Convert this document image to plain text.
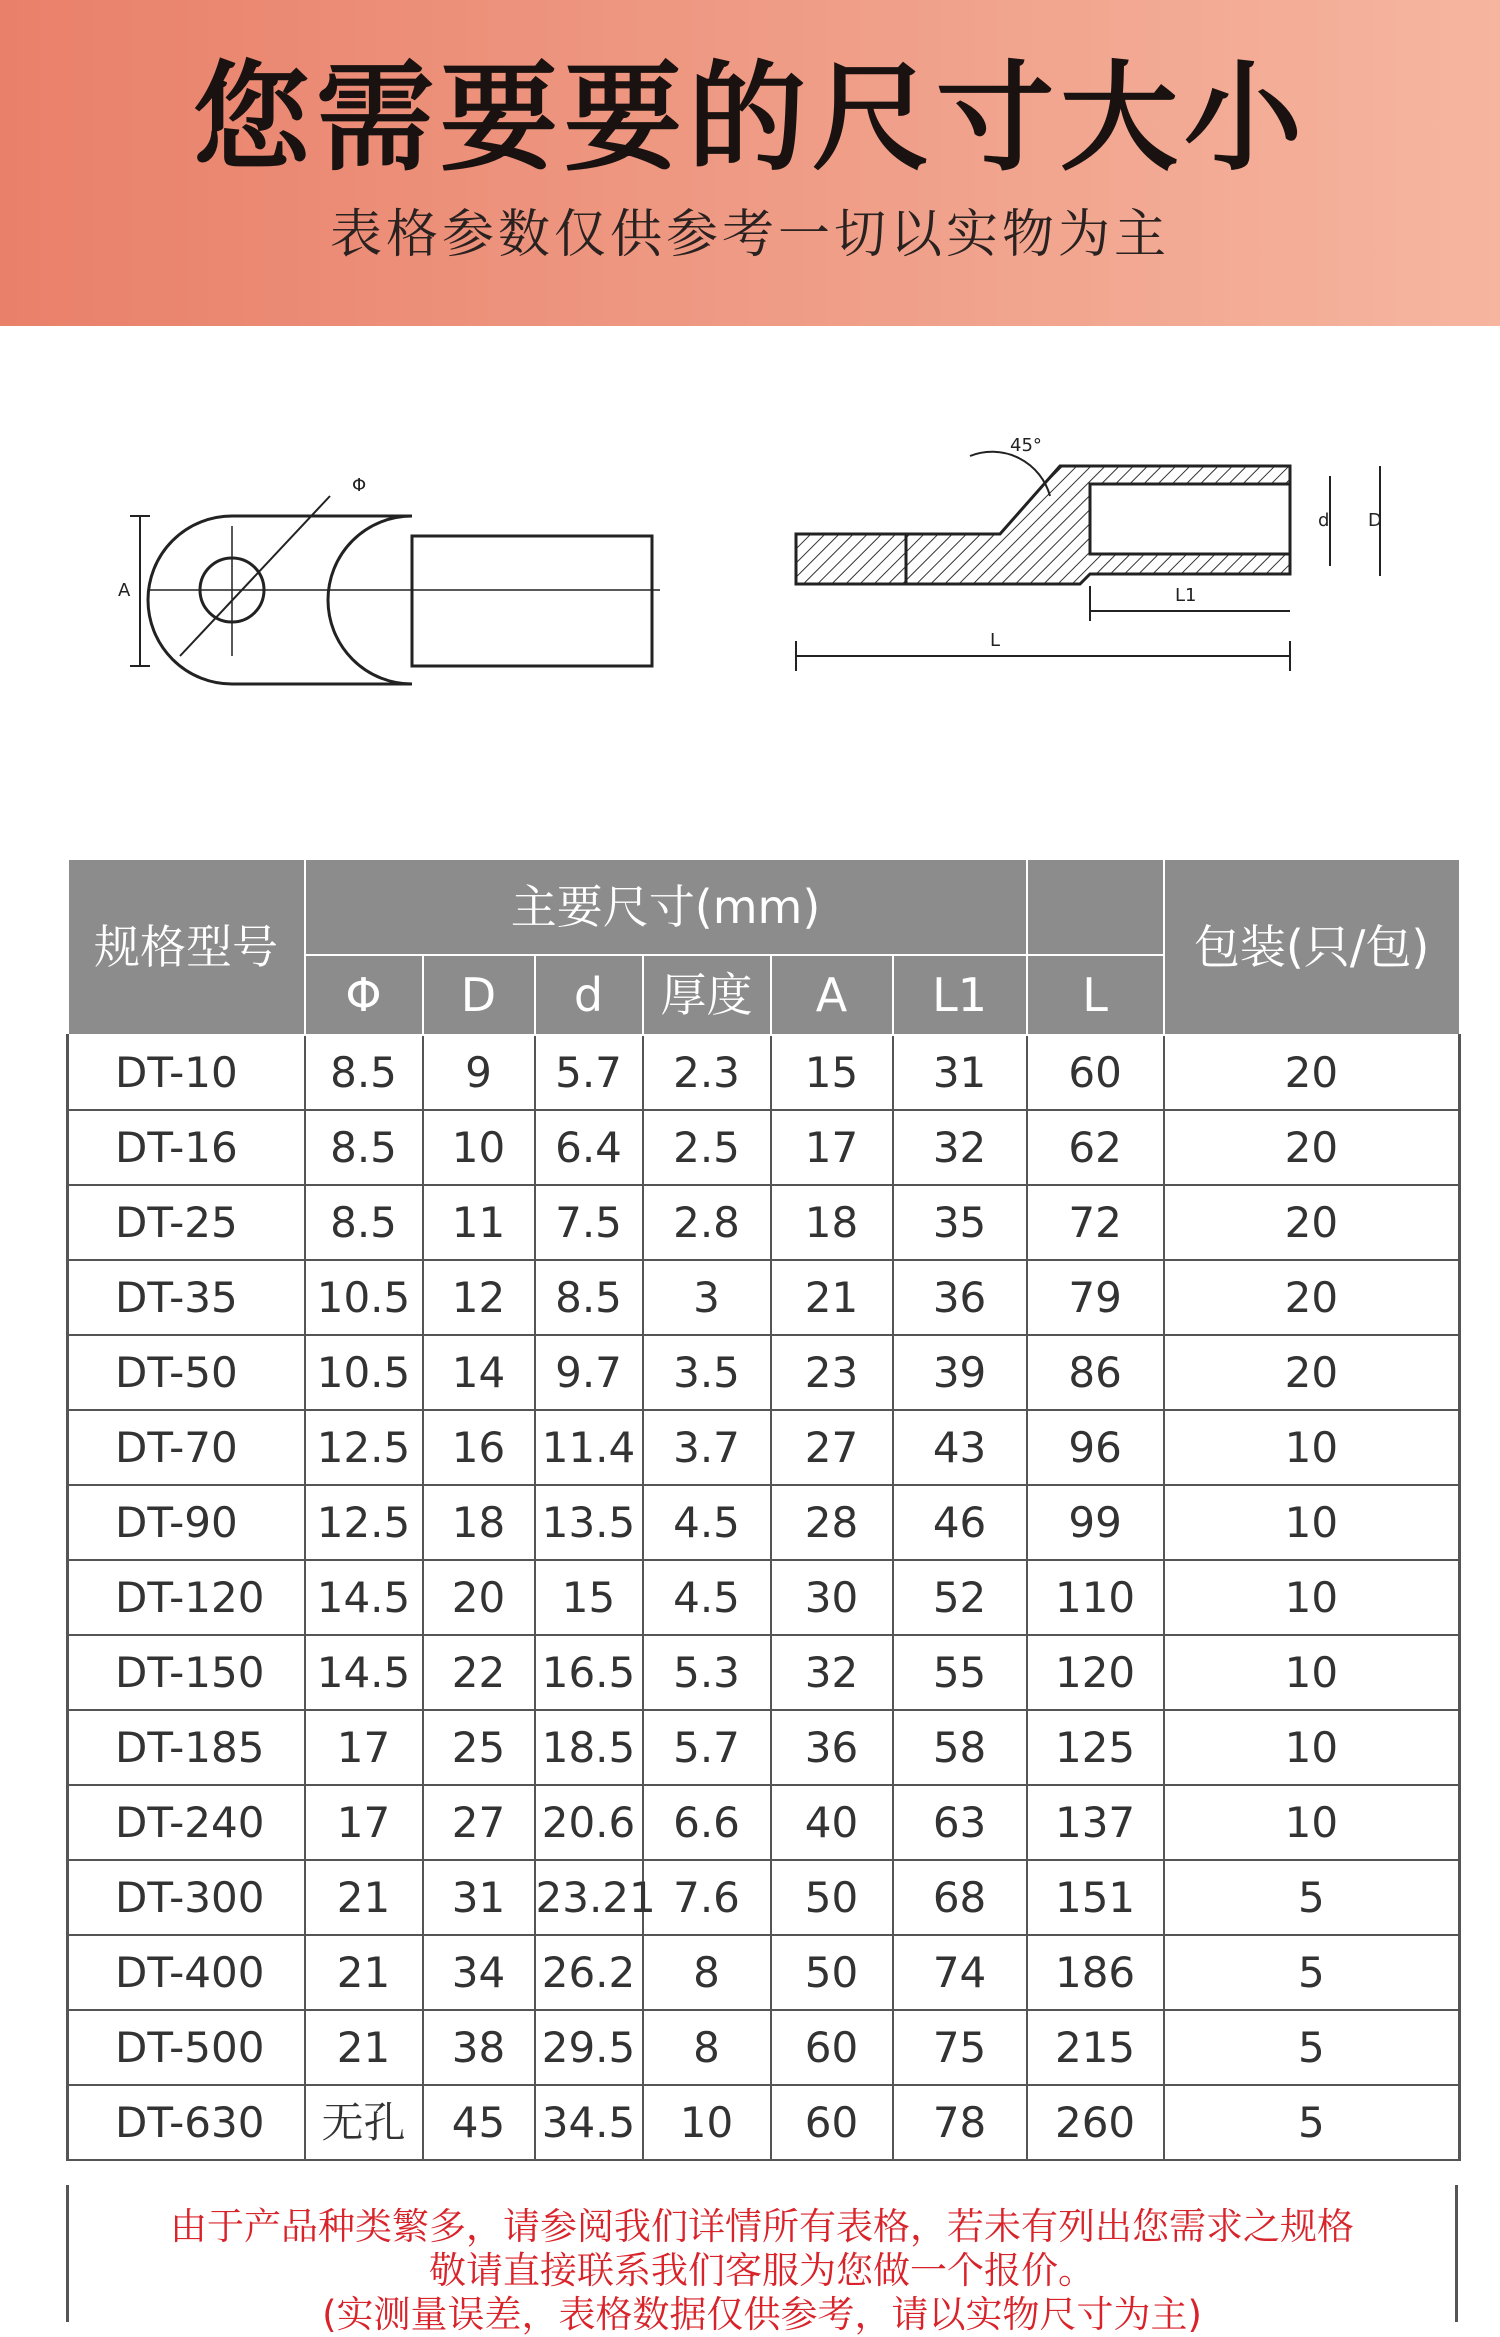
您需要要的尺寸大小
表格参数仅供参考一切以实物为主
Φ
A
45°
L1
L
d D
规格型号	主要尺寸(mm)							包装(只/包)
	Φ	D	d	厚度	A	L1	L	
DT-10	8.5	9	5.7	2.3	15	31	60	20
DT-16	8.5	10	6.4	2.5	17	32	62	20
DT-25	8.5	11	7.5	2.8	18	35	72	20
DT-35	10.5	12	8.5	3	21	36	79	20
DT-50	10.5	14	9.7	3.5	23	39	86	20
DT-70	12.5	16	11.4	3.7	27	43	96	10
DT-90	12.5	18	13.5	4.5	28	46	99	10
DT-120	14.5	20	15	4.5	30	52	110	10
DT-150	14.5	22	16.5	5.3	32	55	120	10
DT-185	17	25	18.5	5.7	36	58	125	10
DT-240	17	27	20.6	6.6	40	63	137	10
DT-300	21	31	23.21	7.6	50	68	151	5
DT-400	21	34	26.2	8	50	74	186	5
DT-500	21	38	29.5	8	60	75	215	5
DT-630	无孔	45	34.5	10	60	78	260	5
由于产品种类繁多，请参阅我们详情所有表格，若未有列出您需求之规格
敬请直接联系我们客服为您做一个报价。
(实测量误差，表格数据仅供参考，请以实物尺寸为主)
